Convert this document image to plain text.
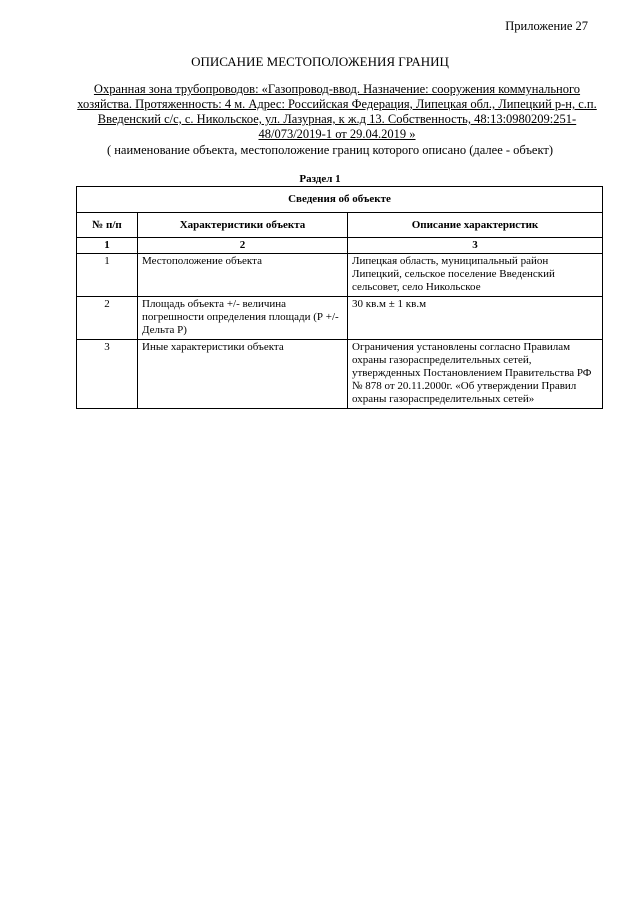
Приложение 27
ОПИСАНИЕ МЕСТОПОЛОЖЕНИЯ ГРАНИЦ
Охранная зона трубопроводов: «Газопровод-ввод. Назначение: сооружения коммунального хозяйства. Протяженность: 4 м. Адрес: Российская Федерация, Липецкая обл., Липецкий р-н, с.п. Введенский с/с, с. Никольское, ул. Лазурная, к ж.д 13. Собственность, 48:13:0980209:251-48/073/2019-1 от 29.04.2019 »
( наименование объекта, местоположение границ которого описано (далее - объект)
Раздел 1
Сведения об объекте		
№ п/п	Характеристики объекта	Описание характеристик
1	2	3
1	Местоположение объекта	Липецкая область, муниципальный район Липецкий, сельское поселение Введенский сельсовет, село Никольское
2	Площадь объекта +/- величина погрешности определения площади (Р +/- Дельта Р)	30 кв.м ± 1 кв.м
3	Иные характеристики объекта	Ограничения установлены согласно Правилам охраны газораспределительных сетей, утвержденных Постановлением Правительства РФ № 878 от 20.11.2000г. «Об утверждении Правил охраны газораспределительных сетей»
